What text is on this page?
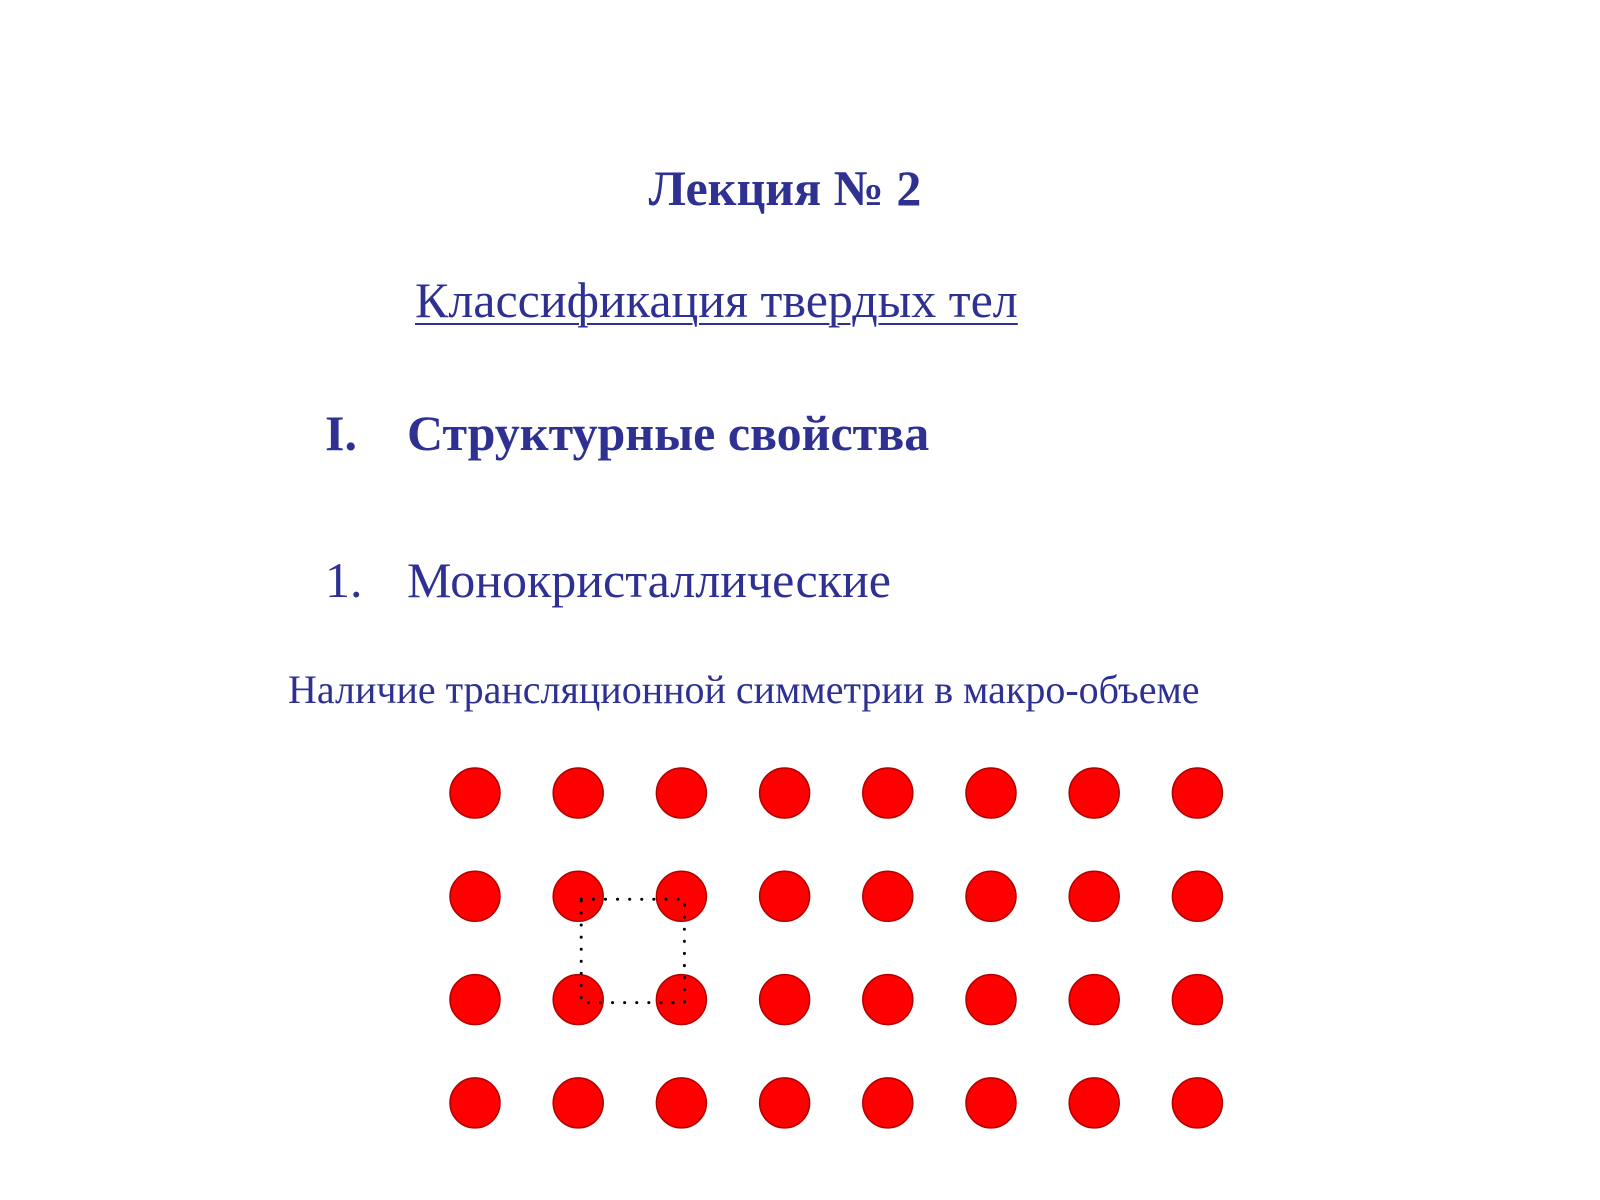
Лекция № 2
Классификация твердых тел
I. Структурные свойства
1. Монокристаллические
Наличие трансляционной симметрии в макро-объеме
